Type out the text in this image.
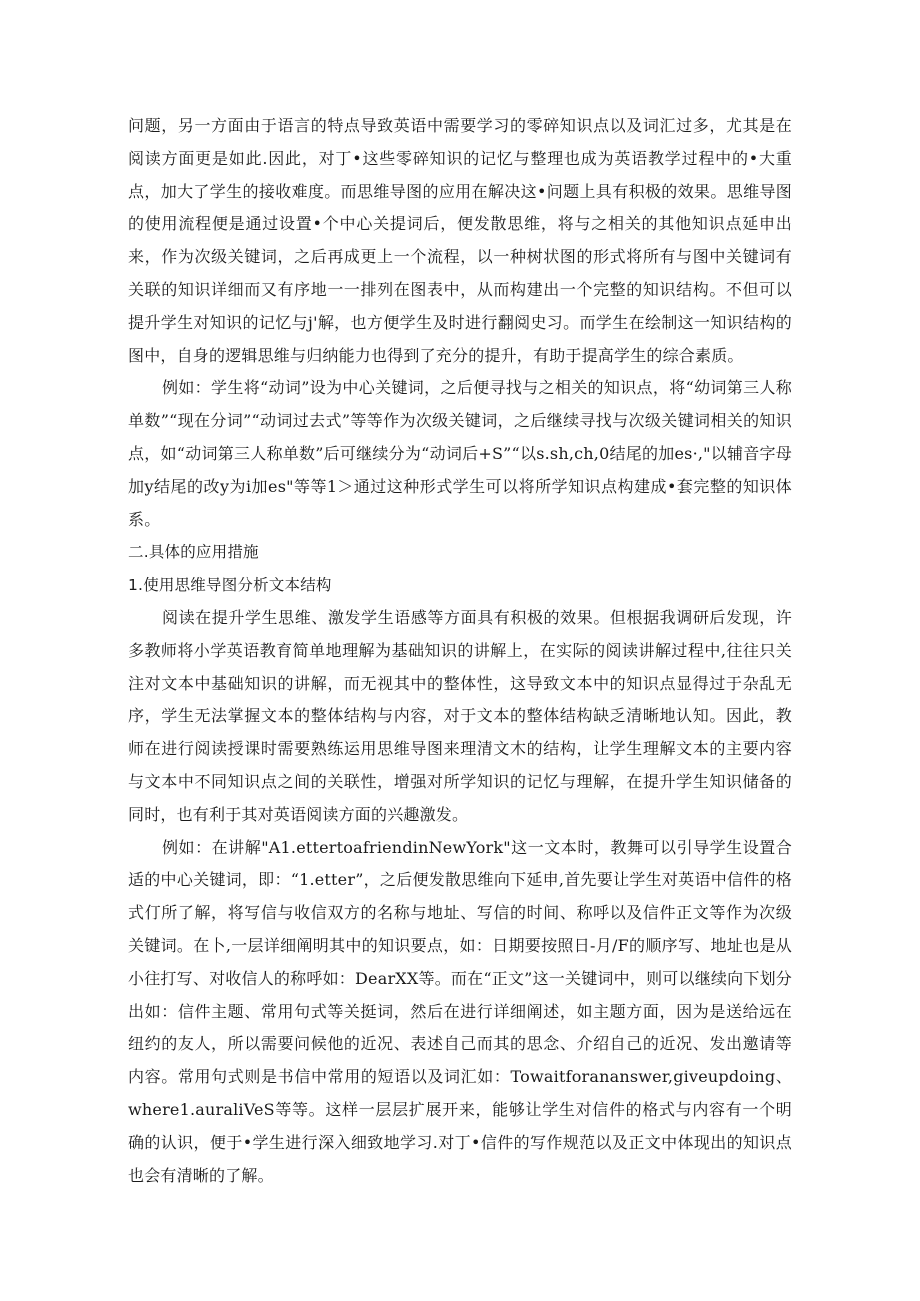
问题，另一方面由于语言的特点导致英语中需要学习的零碎知识点以及词汇过多，尤其是在阅读方面更是如此.因此，对丁•这些零碎知识的记忆与整理也成为英语教学过程中的•大重点，加大了学生的接收难度。而思维导图的应用在解决这•问题上具有积极的效果。思维导图的使用流程便是通过设置•个中心关提词后，便发散思维，将与之相关的其他知识点延申出来，作为次级关键词，之后再成更上一个流程，以一种树状图的形式将所有与图中关键词有关联的知识详细而又有序地一一排列在图表中，从而构建出一个完整的知识结构。不但可以提升学生对知识的记忆与j'解，也方便学生及时进行翻阅史习。而学生在绘制这一知识结构的图中，自身的逻辑思维与归纳能力也得到了充分的提升，有助于提高学生的综合素质。

例如：学生将“动词”设为中心关键词，之后便寻找与之相关的知识点，将“幼词第三人称单数”“现在分词”“动词过去式”等等作为次级关键词，之后继续寻找与次级关键词相关的知识点，如“动词第三人称单数”后可继续分为“动词后+S”“以s.sh,ch,0结尾的加es·,"以辅音字母加y结尾的改y为i加es"等等1＞通过这种形式学生可以将所学知识点构建成•套完整的知识体系。

二.具体的应用措施

1.使用思维导图分析文本结构

阅读在提升学生思维、激发学生语感等方面具有积极的效果。但根据我调研后发现，许多教师将小学英语教育简单地理解为基础知识的讲解上，在实际的阅读讲解过程中,往往只关注对文本中基础知识的讲解，而无视其中的整体性，这导致文本中的知识点显得过于杂乱无序，学生无法掌握文本的整体结构与内容，对于文本的整体结构缺乏清晰地认知。因此，教师在进行阅读授课时需要熟练运用思维导图来理清文木的结构，让学生理解文本的主要内容与文本中不同知识点之间的关联性，增强对所学知识的记忆与理解，在提升学生知识储备的同时，也有利于其对英语阅读方面的兴趣激发。

例如：在讲解"A1.ettertoafriendinNewYork"这一文本时，教舞可以引导学生设置合适的中心关键词，即：“1.etter”，之后便发散思维向下延申,首先要让学生对英语中信件的格式仃所了解，将写信与收信双方的名称与地址、写信的时间、称呼以及信件正文等作为次级关键词。在卜,一层详细阐明其中的知识要点，如：日期要按照日-月/F的顺序写、地址也是从小往打写、对收信人的称呼如：DearXX等。而在“正文”这一关键词中，则可以继续向下划分出如：信件主题、常用句式等关挺词，然后在进行详细阐述，如主题方面，因为是送给远在纽约的友人，所以需要问候他的近况、表述自己而其的思念、介绍自己的近况、发出邀请等内容。常用句式则是书信中常用的短语以及词汇如：Towaitforananswer,giveupdoing、where1.auraliVeS等等。这样一层层扩展开来，能够让学生对信件的格式与内容有一个明确的认识，便于•学生进行深入细致地学习.对丁•信件的写作规范以及正文中体现出的知识点也会有清晰的了解。
